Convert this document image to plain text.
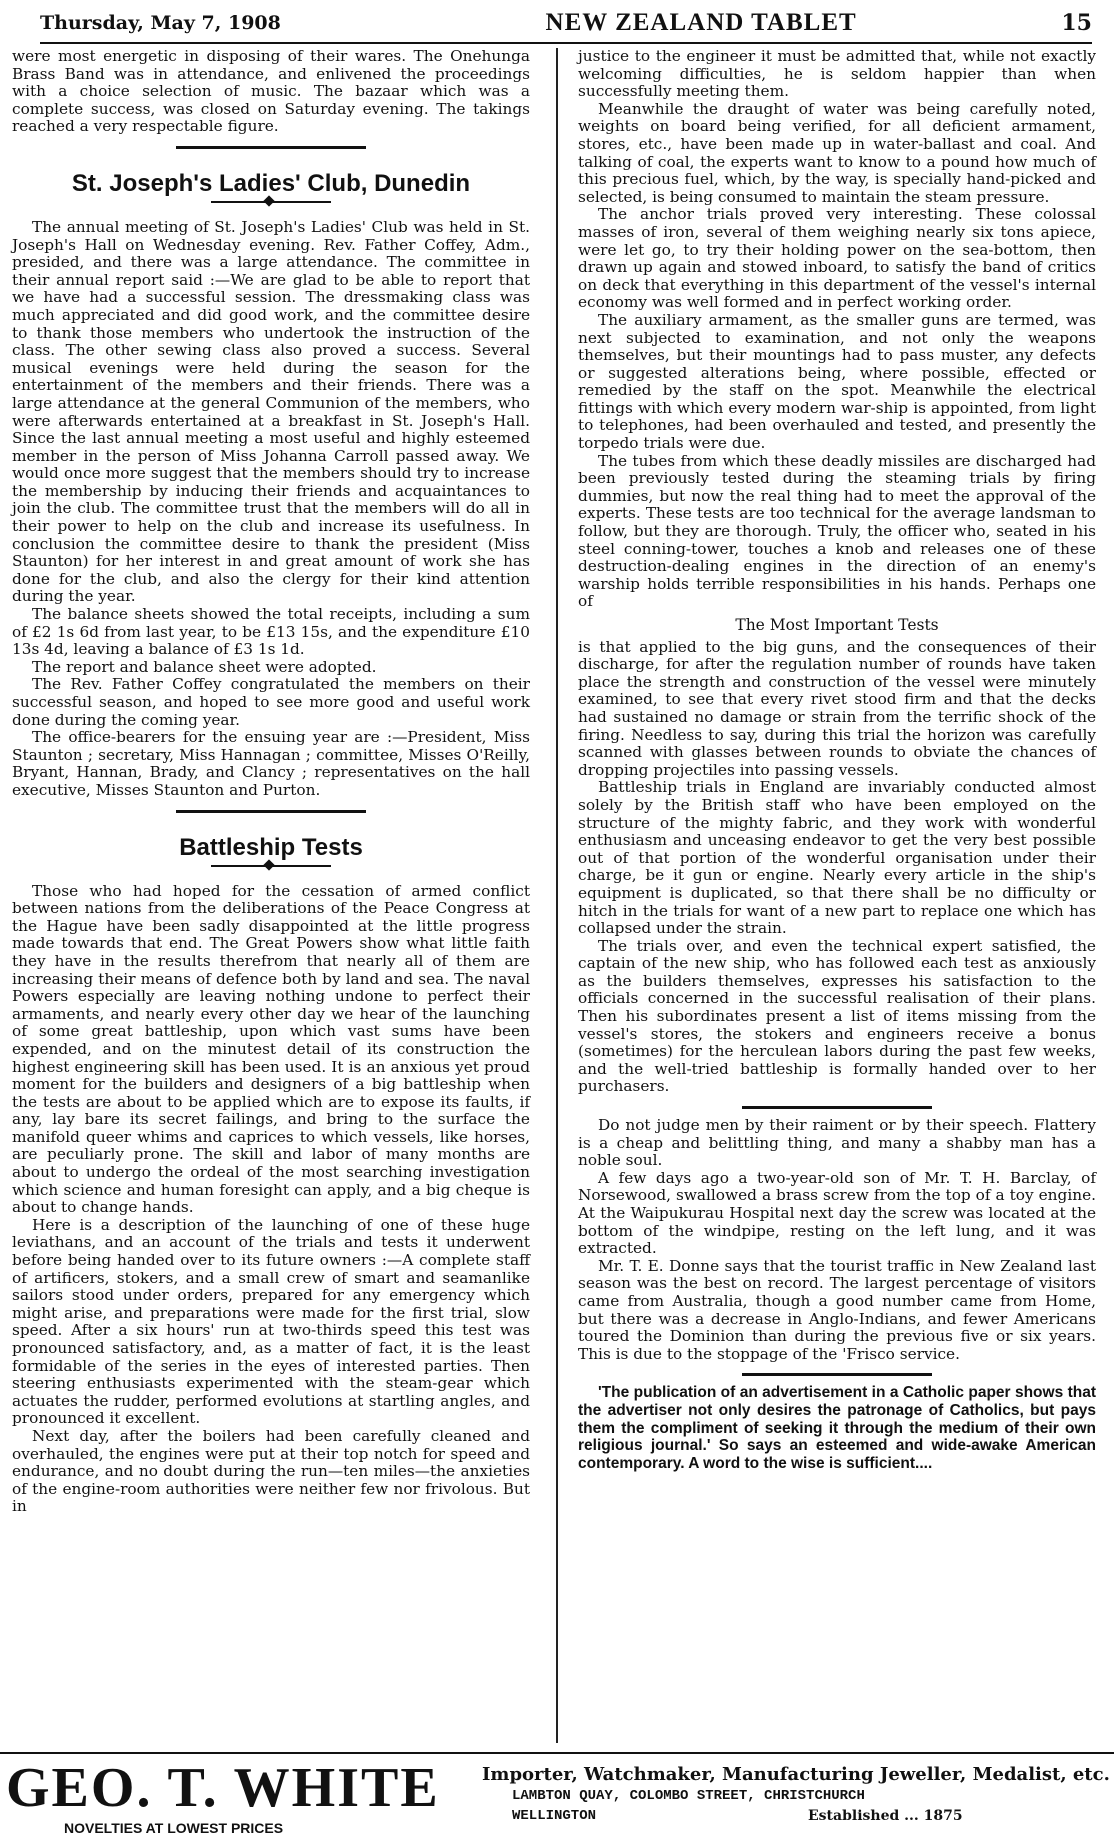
Thursday, May 7, 1908	NEW ZEALAND TABLET	15

were most energetic in disposing of their wares. The Onehunga Brass Band was in attendance, and enlivened the proceedings with a choice selection of music. The bazaar which was a complete success, was closed on Saturday evening. The takings reached a very respectable figure.

St. Joseph's Ladies' Club, Dunedin

The annual meeting of St. Joseph's Ladies' Club was held in St. Joseph's Hall on Wednesday evening. Rev. Father Coffey, Adm., presided, and there was a large attendance. The committee in their annual report said :—We are glad to be able to report that we have had a successful session. The dressmaking class was much appreciated and did good work, and the committee desire to thank those members who undertook the instruction of the class. The other sewing class also proved a success. Several musical evenings were held during the season for the entertainment of the members and their friends. There was a large attendance at the general Communion of the members, who were afterwards entertained at a breakfast in St. Joseph's Hall. Since the last annual meeting a most useful and highly esteemed member in the person of Miss Johanna Carroll passed away. We would once more suggest that the members should try to increase the membership by inducing their friends and acquaintances to join the club. The committee trust that the members will do all in their power to help on the club and increase its usefulness. In conclusion the committee desire to thank the president (Miss Staunton) for her interest in and great amount of work she has done for the club, and also the clergy for their kind attention during the year.

The balance sheets showed the total receipts, including a sum of £2 1s 6d from last year, to be £13 15s, and the expenditure £10 13s 4d, leaving a balance of £3 1s 1d.

The report and balance sheet were adopted.

The Rev. Father Coffey congratulated the members on their successful season, and hoped to see more good and useful work done during the coming year.

The office-bearers for the ensuing year are :—President, Miss Staunton ; secretary, Miss Hannagan ; committee, Misses O'Reilly, Bryant, Hannan, Brady, and Clancy ; representatives on the hall executive, Misses Staunton and Purton.

Battleship Tests

Those who had hoped for the cessation of armed conflict between nations from the deliberations of the Peace Congress at the Hague have been sadly disappointed at the little progress made towards that end. The Great Powers show what little faith they have in the results therefrom that nearly all of them are increasing their means of defence both by land and sea. The naval Powers especially are leaving nothing undone to perfect their armaments, and nearly every other day we hear of the launching of some great battleship, upon which vast sums have been expended, and on the minutest detail of its construction the highest engineering skill has been used. It is an anxious yet proud moment for the builders and designers of a big battleship when the tests are about to be applied which are to expose its faults, if any, lay bare its secret failings, and bring to the surface the manifold queer whims and caprices to which vessels, like horses, are peculiarly prone. The skill and labor of many months are about to undergo the ordeal of the most searching investigation which science and human foresight can apply, and a big cheque is about to change hands.

Here is a description of the launching of one of these huge leviathans, and an account of the trials and tests it underwent before being handed over to its future owners :—A complete staff of artificers, stokers, and a small crew of smart and seamanlike sailors stood under orders, prepared for any emergency which might arise, and preparations were made for the first trial, slow speed. After a six hours' run at two-thirds speed this test was pronounced satisfactory, and, as a matter of fact, it is the least formidable of the series in the eyes of interested parties. Then steering enthusiasts experimented with the steam-gear which actuates the rudder, performed evolutions at startling angles, and pronounced it excellent.

Next day, after the boilers had been carefully cleaned and overhauled, the engines were put at their top notch for speed and endurance, and no doubt during the run—ten miles—the anxieties of the engine-room authorities were neither few nor frivolous. But in

justice to the engineer it must be admitted that, while not exactly welcoming difficulties, he is seldom happier than when successfully meeting them.

Meanwhile the draught of water was being carefully noted, weights on board being verified, for all deficient armament, stores, etc., have been made up in water-ballast and coal. And talking of coal, the experts want to know to a pound how much of this precious fuel, which, by the way, is specially hand-picked and selected, is being consumed to maintain the steam pressure.

The anchor trials proved very interesting. These colossal masses of iron, several of them weighing nearly six tons apiece, were let go, to try their holding power on the sea-bottom, then drawn up again and stowed inboard, to satisfy the band of critics on deck that everything in this department of the vessel's internal economy was well formed and in perfect working order.

The auxiliary armament, as the smaller guns are termed, was next subjected to examination, and not only the weapons themselves, but their mountings had to pass muster, any defects or suggested alterations being, where possible, effected or remedied by the staff on the spot. Meanwhile the electrical fittings with which every modern war-ship is appointed, from light to telephones, had been overhauled and tested, and presently the torpedo trials were due.

The tubes from which these deadly missiles are discharged had been previously tested during the steaming trials by firing dummies, but now the real thing had to meet the approval of the experts. These tests are too technical for the average landsman to follow, but they are thorough. Truly, the officer who, seated in his steel conning-tower, touches a knob and releases one of these destruction-dealing engines in the direction of an enemy's warship holds terrible responsibilities in his hands. Perhaps one of

The Most Important Tests

is that applied to the big guns, and the consequences of their discharge, for after the regulation number of rounds have taken place the strength and construction of the vessel were minutely examined, to see that every rivet stood firm and that the decks had sustained no damage or strain from the terrific shock of the firing. Needless to say, during this trial the horizon was carefully scanned with glasses between rounds to obviate the chances of dropping projectiles into passing vessels.

Battleship trials in England are invariably conducted almost solely by the British staff who have been employed on the structure of the mighty fabric, and they work with wonderful enthusiasm and unceasing endeavor to get the very best possible out of that portion of the wonderful organisation under their charge, be it gun or engine. Nearly every article in the ship's equipment is duplicated, so that there shall be no difficulty or hitch in the trials for want of a new part to replace one which has collapsed under the strain.

The trials over, and even the technical expert satisfied, the captain of the new ship, who has followed each test as anxiously as the builders themselves, expresses his satisfaction to the officials concerned in the successful realisation of their plans. Then his subordinates present a list of items missing from the vessel's stores, the stokers and engineers receive a bonus (sometimes) for the herculean labors during the past few weeks, and the well-tried battleship is formally handed over to her purchasers.

Do not judge men by their raiment or by their speech. Flattery is a cheap and belittling thing, and many a shabby man has a noble soul.

A few days ago a two-year-old son of Mr. T. H. Barclay, of Norsewood, swallowed a brass screw from the top of a toy engine. At the Waipukurau Hospital next day the screw was located at the bottom of the windpipe, resting on the left lung, and it was extracted.

Mr. T. E. Donne says that the tourist traffic in New Zealand last season was the best on record. The largest percentage of visitors came from Australia, though a good number came from Home, but there was a decrease in Anglo-Indians, and fewer Americans toured the Dominion than during the previous five or six years. This is due to the stoppage of the 'Frisco service.

'The publication of an advertisement in a Catholic paper shows that the advertiser not only desires the patronage of Catholics, but pays them the compliment of seeking it through the medium of their own religious journal.' So says an esteemed and wide-awake American contemporary. A word to the wise is sufficient....

GEO. T. WHITE
NOVELTIES AT LOWEST PRICES
Importer, Watchmaker, Manufacturing Jeweller, Medalist, etc.
LAMBTON QUAY, COLOMBO STREET, CHRISTCHURCH
WELLINGTON	Established ... 1875
